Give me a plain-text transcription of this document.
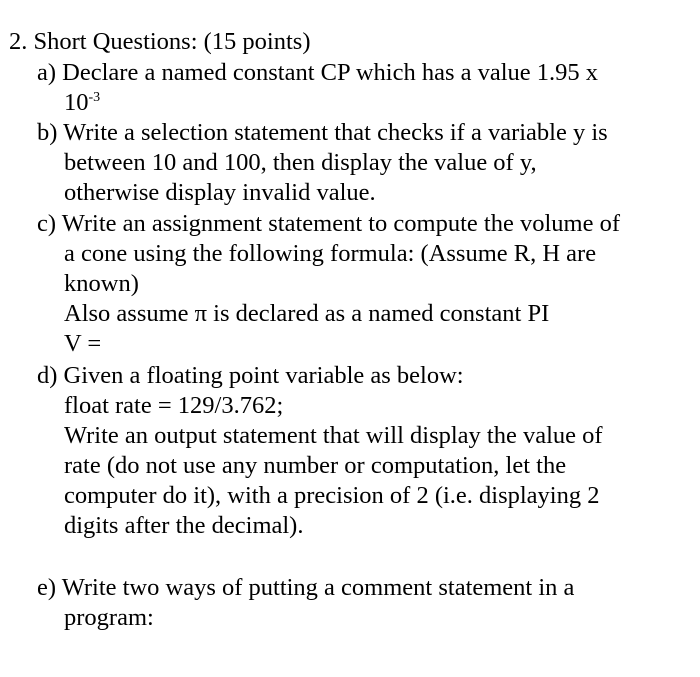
2. Short Questions: (15 points)
a) Declare a named constant CP which has a value 1.95 x
$10^{-3}$
b) Write a selection statement that checks if a variable y is
between 10 and 100, then display the value of y,
otherwise display invalid value.
c) Write an assignment statement to compute the volume of
a cone using the following formula: (Assume R, H are
known)
Also assume π is declared as a named constant PI
V =
d) Given a floating point variable as below:
float rate = 129/3.762;
Write an output statement that will display the value of
rate (do not use any number or computation, let the
computer do it), with a precision of 2 (i.e. displaying 2
digits after the decimal).
e) Write two ways of putting a comment statement in a
program:
